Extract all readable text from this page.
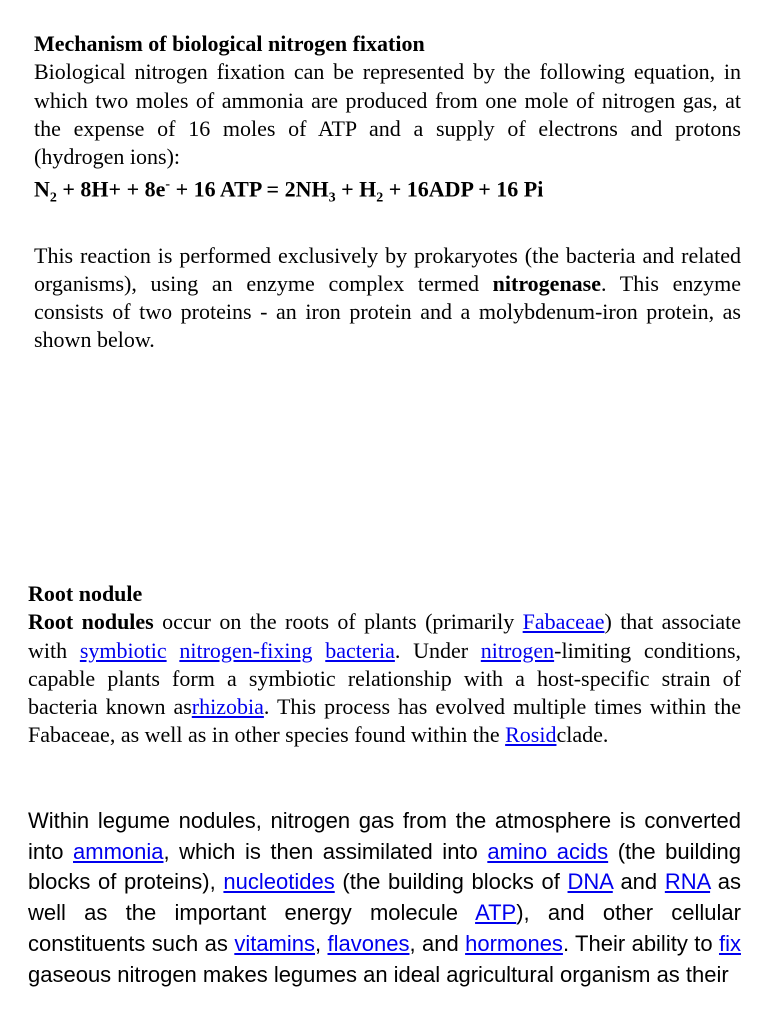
Mechanism of biological nitrogen fixation

Biological nitrogen fixation can be represented by the following equation, in which two moles of ammonia are produced from one mole of nitrogen gas, at the expense of 16 moles of ATP and a supply of electrons and protons (hydrogen ions):

$N_2 + 8H+ + 8e^- + 16$ ATP = $2NH_3 + H_2 + 16ADP + 16$ Pi

This reaction is performed exclusively by prokaryotes (the bacteria and related organisms), using an enzyme complex termed nitrogenase. This enzyme consists of two proteins - an iron protein and a molybdenum-iron protein, as shown below.

Root nodule

Root nodules occur on the roots of plants (primarily Fabaceae) that associate with symbiotic nitrogen-fixing bacteria. Under nitrogen-limiting conditions, capable plants form a symbiotic relationship with a host-specific strain of bacteria known asrhizobia. This process has evolved multiple times within the Fabaceae, as well as in other species found within the Rosidclade.

Within legume nodules, nitrogen gas from the atmosphere is converted into ammonia, which is then assimilated into amino acids (the building blocks of proteins), nucleotides (the building blocks of DNA and RNA as well as the important energy molecule ATP), and other cellular constituents such as vitamins, flavones, and hormones. Their ability to fix gaseous nitrogen makes legumes an ideal agricultural organism as their
